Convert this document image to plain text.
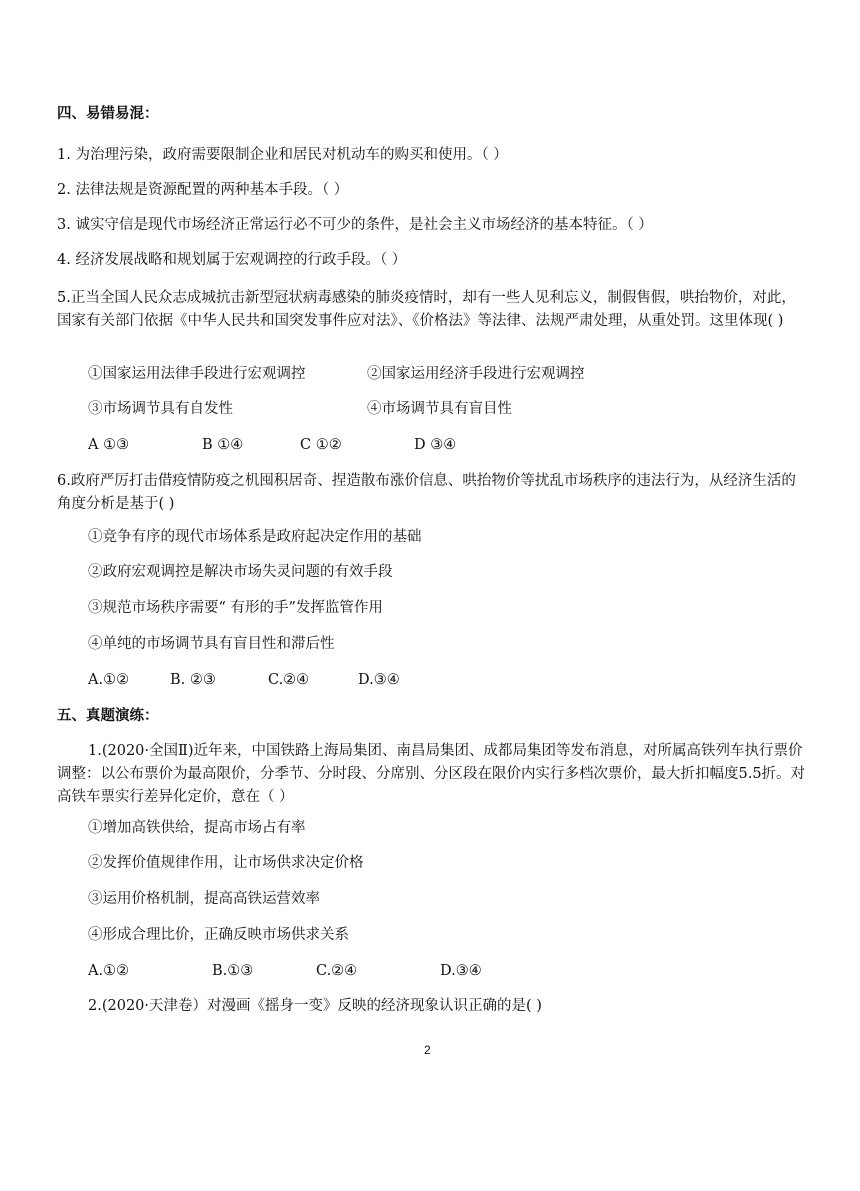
四、易错易混：
1. 为治理污染，政府需要限制企业和居民对机动车的购买和使用。（ ）
2. 法律法规是资源配置的两种基本手段。（ ）
3. 诚实守信是现代市场经济正常运行必不可少的条件，是社会主义市场经济的基本特征。（ ）
4. 经济发展战略和规划属于宏观调控的行政手段。（ ）
5.正当全国人民众志成城抗击新型冠状病毒感染的肺炎疫情时，却有一些人见利忘义，制假售假，哄抬物价，对此，国家有关部门依据《中华人民共和国突发事件应对法》、《价格法》等法律、法规严肃处理，从重处罚。这里体现( )
①国家运用法律手段进行宏观调控	②国家运用经济手段进行宏观调控
③市场调节具有自发性	④市场调节具有盲目性
A ①③	B ①④	C ①②	D ③④
6.政府严厉打击借疫情防疫之机囤积居奇、捏造散布涨价信息、哄抬物价等扰乱市场秩序的违法行为，从经济生活的角度分析是基于( )
①竞争有序的现代市场体系是政府起决定作用的基础
②政府宏观调控是解决市场失灵问题的有效手段
③规范市场秩序需要“ 有形的手”发挥监管作用
④单纯的市场调节具有盲目性和滞后性
A.①②	B. ②③	C.②④	D.③④
五、真题演练：
1.(2020·全国Ⅱ)近年来，中国铁路上海局集团、南昌局集团、成都局集团等发布消息，对所属高铁列车执行票价调整：以公布票价为最高限价，分季节、分时段、分席别、分区段在限价内实行多档次票价，最大折扣幅度5.5折。对高铁车票实行差异化定价，意在（ ）
①增加高铁供给，提高市场占有率
②发挥价值规律作用，让市场供求决定价格
③运用价格机制，提高高铁运营效率
④形成合理比价，正确反映市场供求关系
A.①②	B.①③	C.②④	D.③④
2.(2020·天津卷）对漫画《摇身一变》反映的经济现象认识正确的是( )
2
